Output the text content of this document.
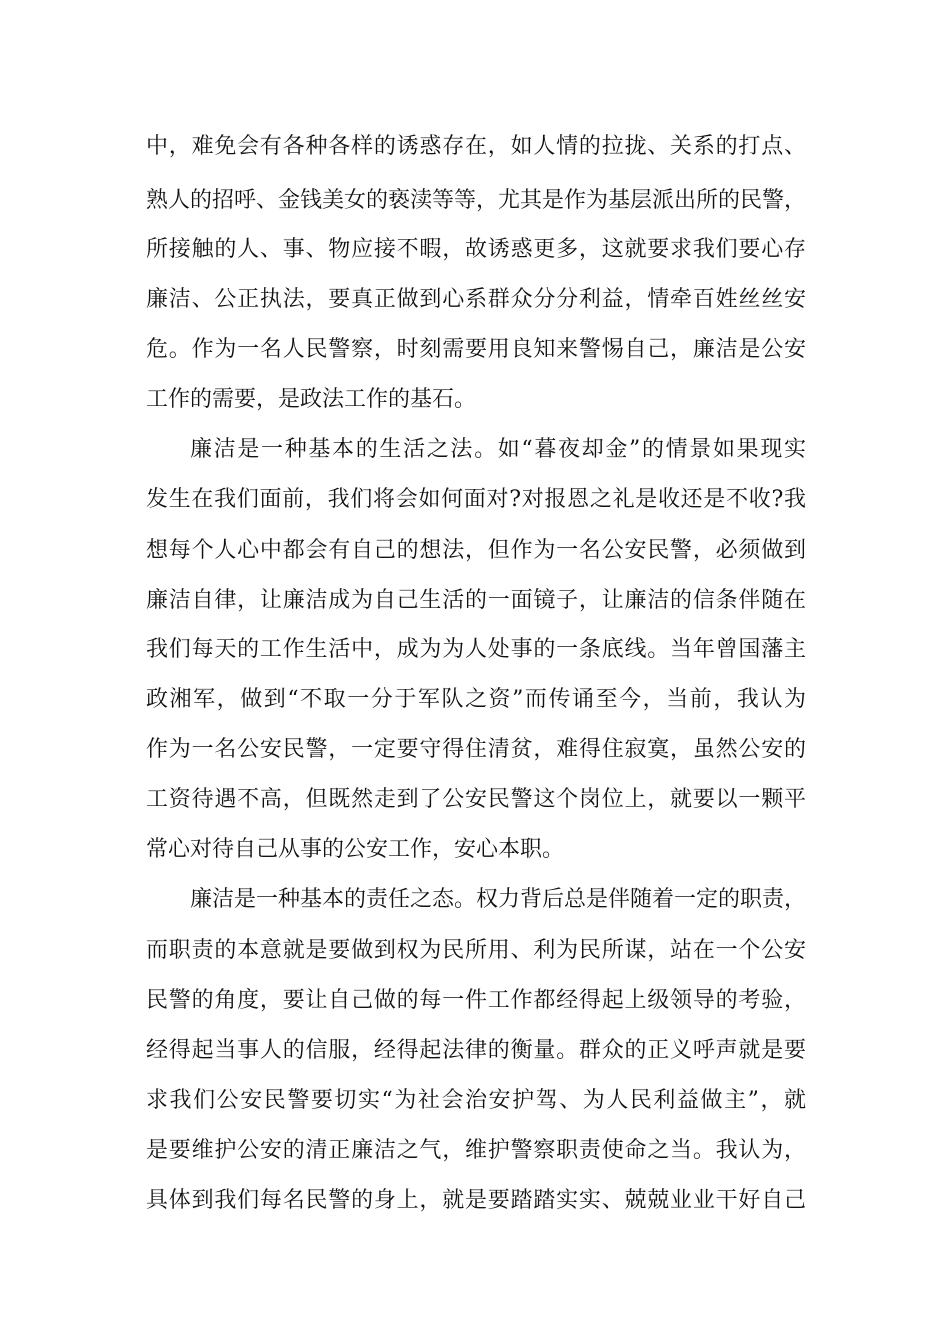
中，难免会有各种各样的诱惑存在，如人情的拉拢、关系的打点、
熟人的招呼、金钱美女的亵渎等等，尤其是作为基层派出所的民警，
所接触的人、事、物应接不暇，故诱惑更多，这就要求我们要心存
廉洁、公正执法，要真正做到心系群众分分利益，情牵百姓丝丝安
危。作为一名人民警察，时刻需要用良知来警惕自己，廉洁是公安
工作的需要，是政法工作的基石。
廉洁是一种基本的生活之法。如“暮夜却金”的情景如果现实
发生在我们面前，我们将会如何面对?对报恩之礼是收还是不收?我
想每个人心中都会有自己的想法，但作为一名公安民警，必须做到
廉洁自律，让廉洁成为自己生活的一面镜子，让廉洁的信条伴随在
我们每天的工作生活中，成为为人处事的一条底线。当年曾国藩主
政湘军，做到“不取一分于军队之资”而传诵至今，当前，我认为
作为一名公安民警，一定要守得住清贫，难得住寂寞，虽然公安的
工资待遇不高，但既然走到了公安民警这个岗位上，就要以一颗平
常心对待自己从事的公安工作，安心本职。
廉洁是一种基本的责任之态。权力背后总是伴随着一定的职责，
而职责的本意就是要做到权为民所用、利为民所谋，站在一个公安
民警的角度，要让自己做的每一件工作都经得起上级领导的考验，
经得起当事人的信服，经得起法律的衡量。群众的正义呼声就是要
求我们公安民警要切实“为社会治安护驾、为人民利益做主”，就
是要维护公安的清正廉洁之气，维护警察职责使命之当。我认为，
具体到我们每名民警的身上，就是要踏踏实实、兢兢业业干好自己
